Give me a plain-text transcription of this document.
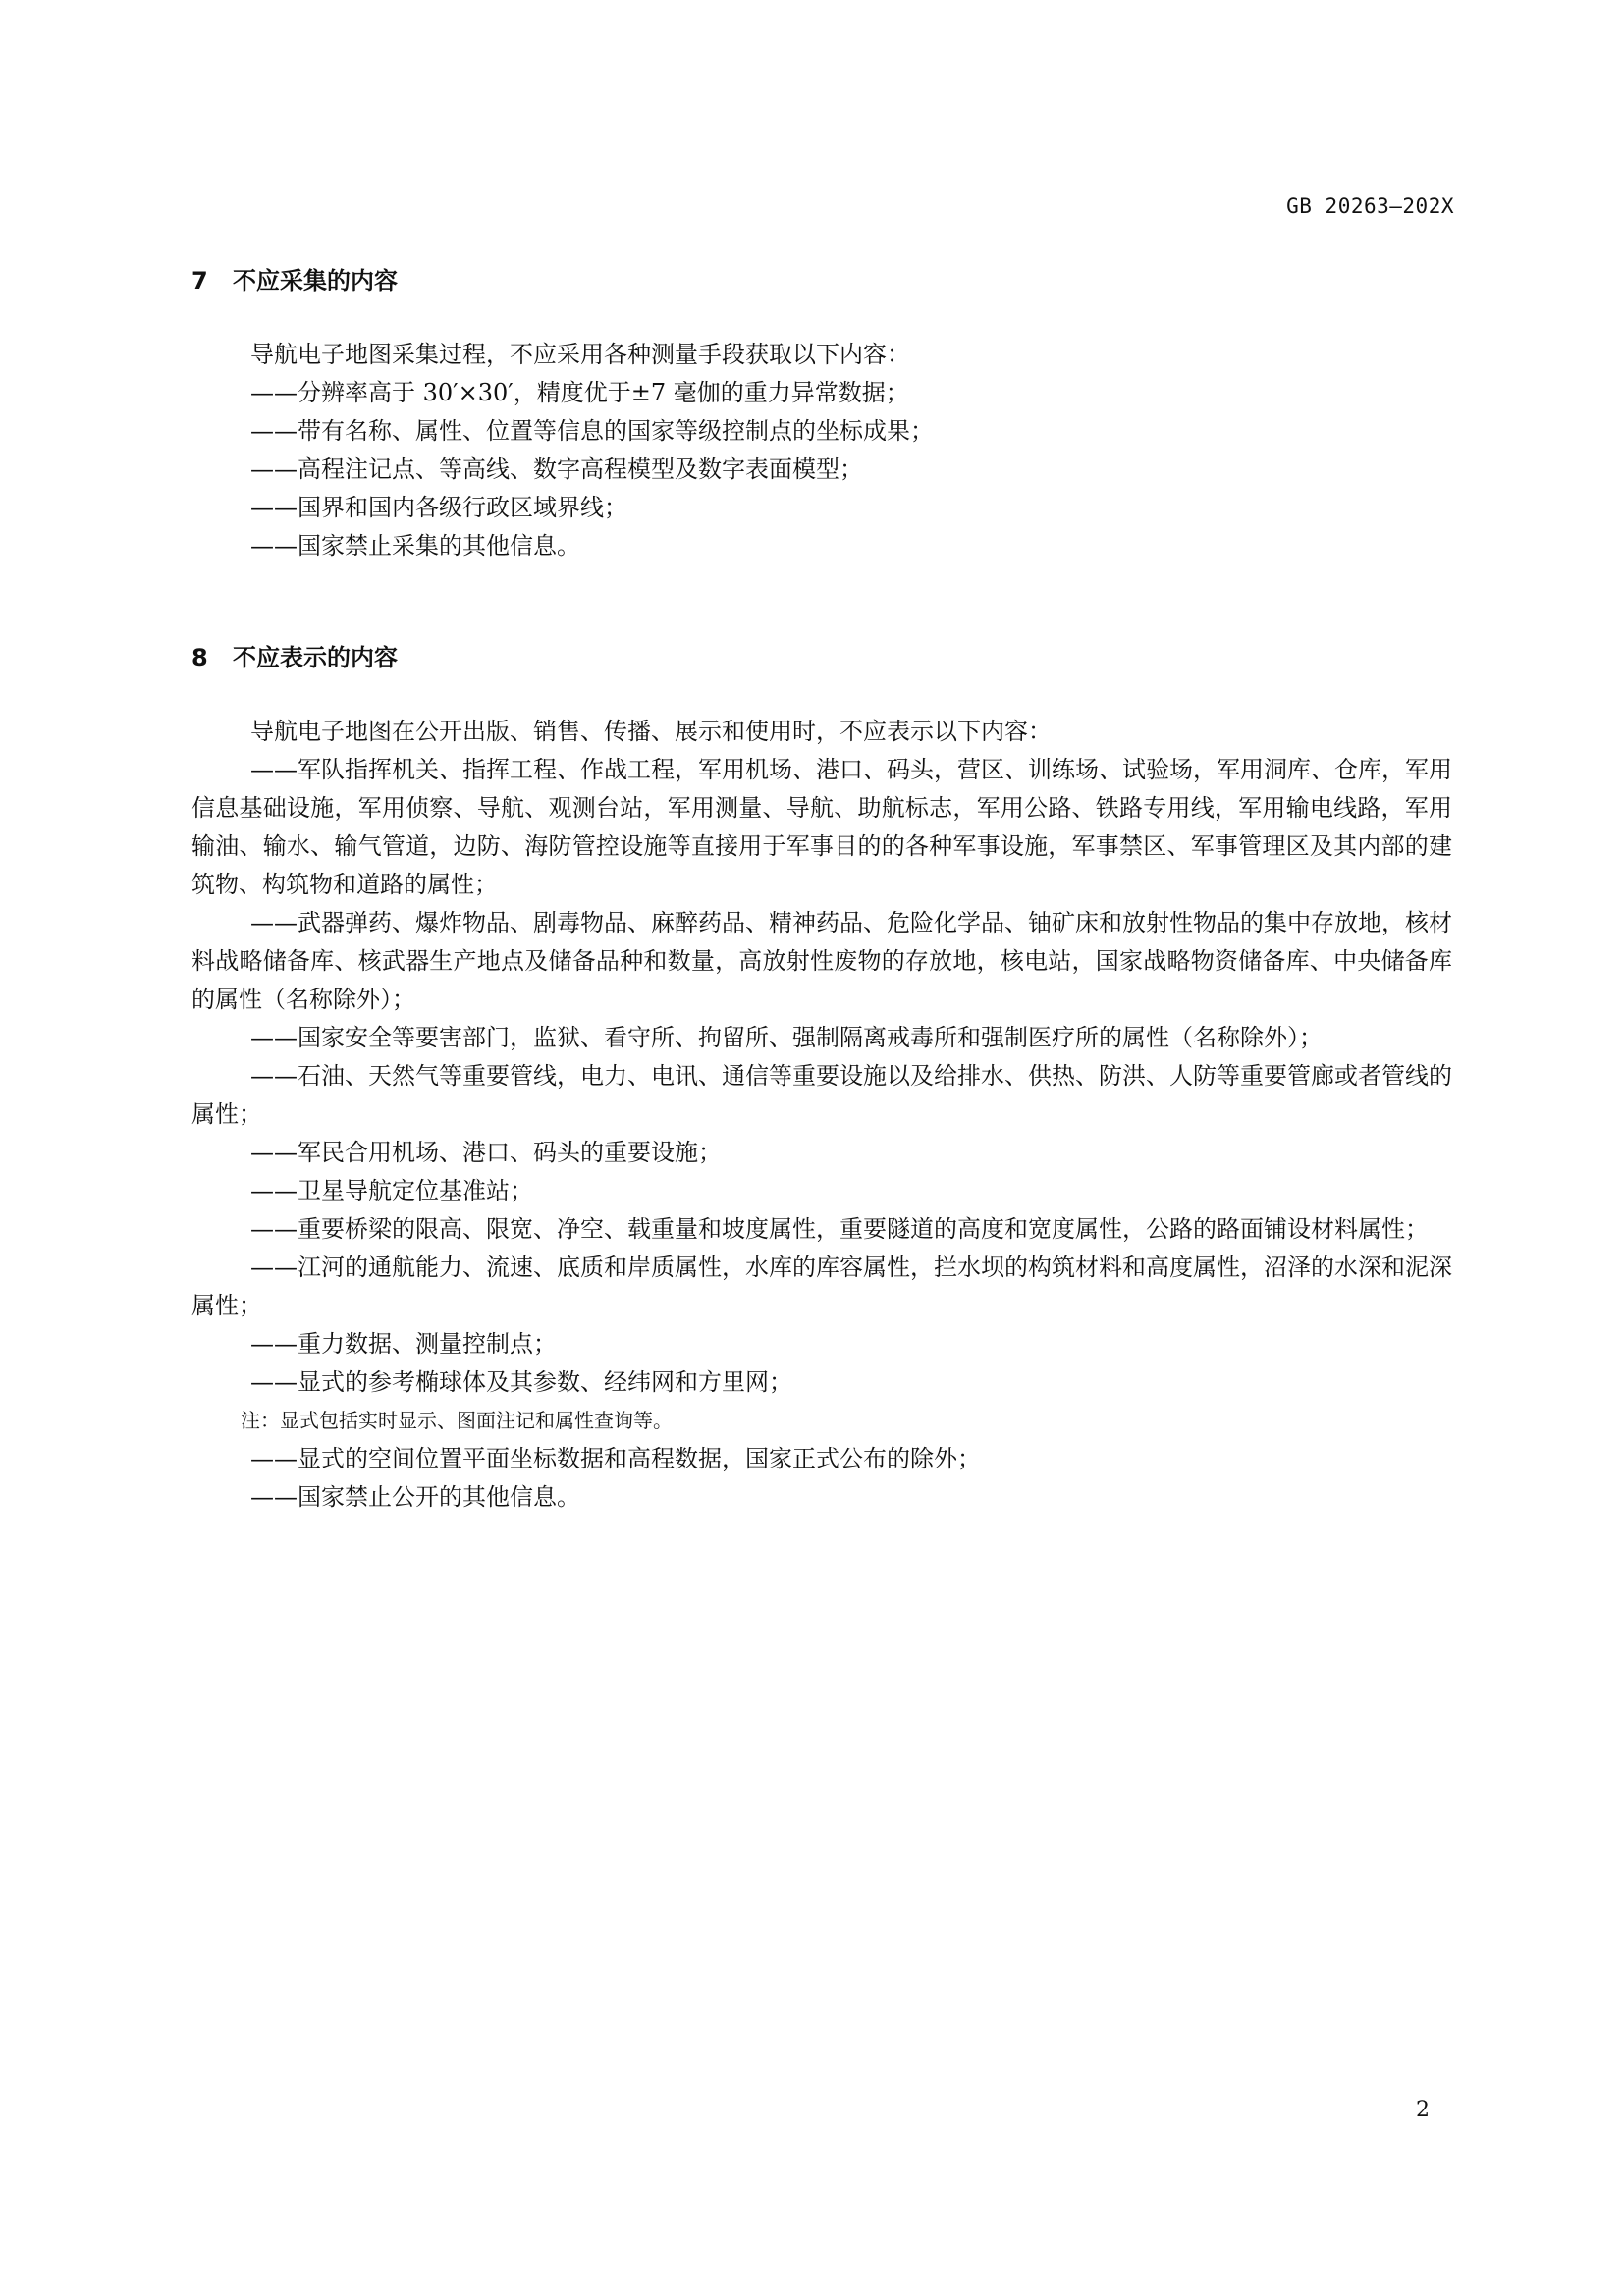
GB 20263—202X
7 不应采集的内容

导航电子地图采集过程，不应采用各种测量手段获取以下内容：

——分辨率高于 30′×30′，精度优于±7 毫伽的重力异常数据；

——带有名称、属性、位置等信息的国家等级控制点的坐标成果；

——高程注记点、等高线、数字高程模型及数字表面模型；

——国界和国内各级行政区域界线；

——国家禁止采集的其他信息。

8 不应表示的内容

导航电子地图在公开出版、销售、传播、展示和使用时，不应表示以下内容：

——军队指挥机关、指挥工程、作战工程，军用机场、港口、码头，营区、训练场、试验场，军用洞库、仓库，军用信息基础设施，军用侦察、导航、观测台站，军用测量、导航、助航标志，军用公路、铁路专用线，军用输电线路，军用输油、输水、输气管道，边防、海防管控设施等直接用于军事目的的各种军事设施，军事禁区、军事管理区及其内部的建筑物、构筑物和道路的属性；

——武器弹药、爆炸物品、剧毒物品、麻醉药品、精神药品、危险化学品、铀矿床和放射性物品的集中存放地，核材料战略储备库、核武器生产地点及储备品种和数量，高放射性废物的存放地，核电站，国家战略物资储备库、中央储备库的属性（名称除外）；

——国家安全等要害部门，监狱、看守所、拘留所、强制隔离戒毒所和强制医疗所的属性（名称除外）；

——石油、天然气等重要管线，电力、电讯、通信等重要设施以及给排水、供热、防洪、人防等重要管廊或者管线的属性；

——军民合用机场、港口、码头的重要设施；

——卫星导航定位基准站；

——重要桥梁的限高、限宽、净空、载重量和坡度属性，重要隧道的高度和宽度属性，公路的路面铺设材料属性；

——江河的通航能力、流速、底质和岸质属性，水库的库容属性，拦水坝的构筑材料和高度属性，沼泽的水深和泥深属性；

——重力数据、测量控制点；

——显式的参考椭球体及其参数、经纬网和方里网；

注：显式包括实时显示、图面注记和属性查询等。

——显式的空间位置平面坐标数据和高程数据，国家正式公布的除外；

——国家禁止公开的其他信息。

2
